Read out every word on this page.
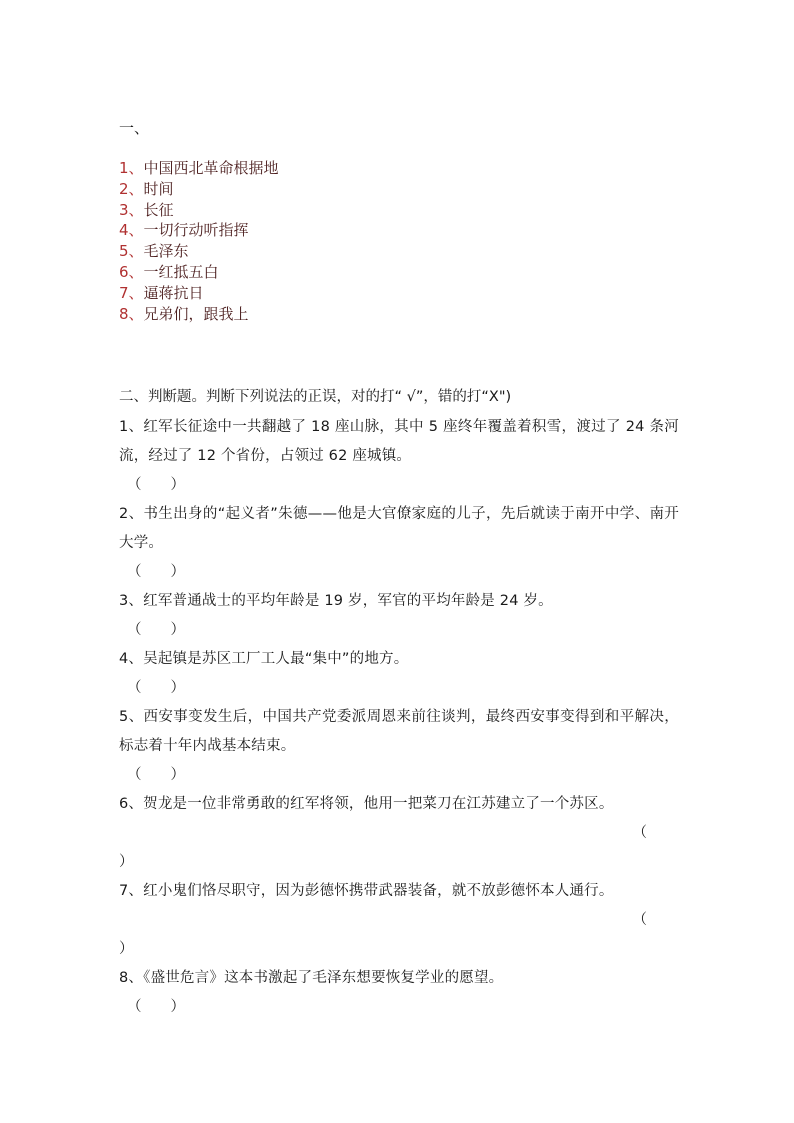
一、
1、中国西北革命根据地
2、时间
3、长征
4、一切行动听指挥
5、毛泽东
6、一红抵五白
7、逼蒋抗日
8、兄弟们，跟我上
二、判断题。判断下列说法的正误，对的打“ √”，错的打“X")
1、红军长征途中一共翻越了 18 座山脉，其中 5 座终年覆盖着积雪，渡过了 24 条河流，经过了 12 个省份，占领过 62 座城镇。
（　　）
2、书生出身的“起义者”朱德——他是大官僚家庭的儿子，先后就读于南开中学、南开大学。
（　　）
3、红军普通战士的平均年龄是 19 岁，军官的平均年龄是 24 岁。
（　　）
4、吴起镇是苏区工厂工人最“集中”的地方。
（　　）
5、西安事变发生后，中国共产党委派周恩来前往谈判，最终西安事变得到和平解决，标志着十年内战基本结束。
（　　）
6、贺龙是一位非常勇敢的红军将领，他用一把菜刀在江苏建立了一个苏区。
（
）
7、红小鬼们恪尽职守，因为彭德怀携带武器装备，就不放彭德怀本人通行。
（
）
8、《盛世危言》这本书激起了毛泽东想要恢复学业的愿望。
（　　）
